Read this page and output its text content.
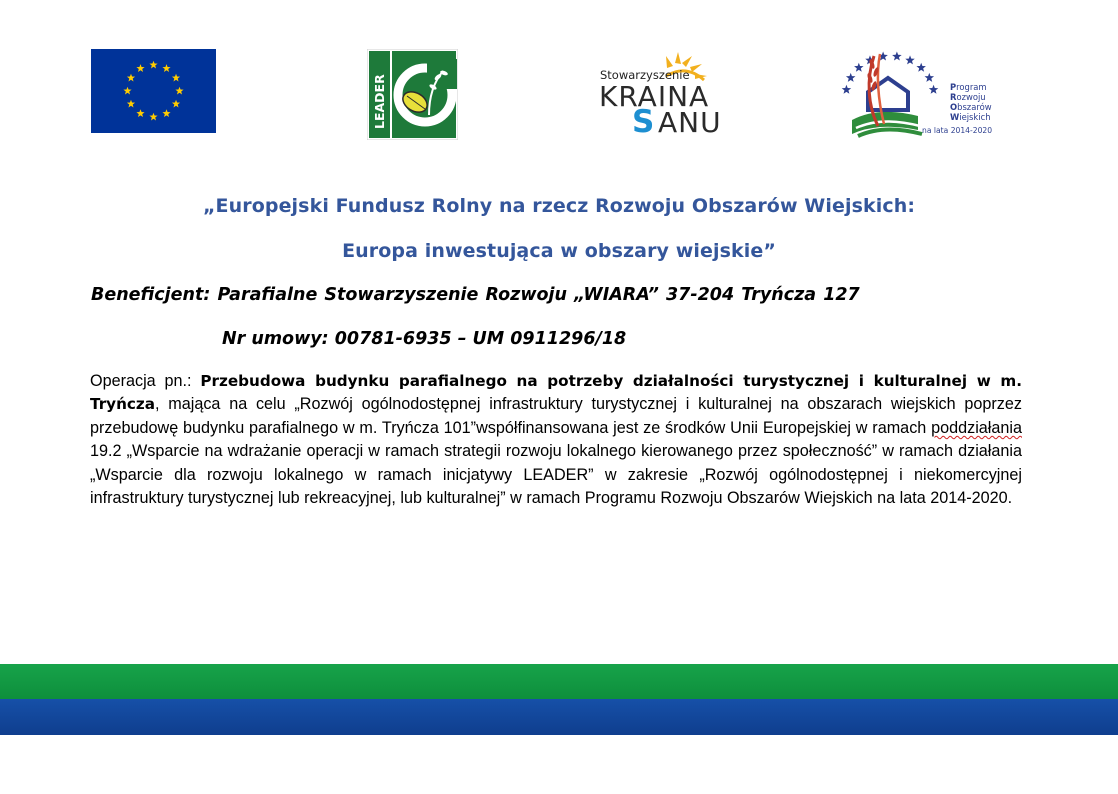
LEADER	Stowarzyszenie
KRAINA
S ANU
Program
Rozwoju
Obszarów
Wiejskich
na lata 2014-2020
„Europejski Fundusz Rolny na rzecz Rozwoju Obszarów Wiejskich:
Europa inwestująca w obszary wiejskie”
Beneficjent: Parafialne Stowarzyszenie Rozwoju „WIARA” 37-204 Tryńcza 127
Nr umowy: 00781-6935 – UM 0911296/18
Operacja pn.: Przebudowa budynku parafialnego na potrzeby działalności turystycznej i kulturalnej w m. Tryńcza, mająca na celu „Rozwój ogólnodostępnej infrastruktury turystycznej i kulturalnej na obszarach wiejskich poprzez przebudowę budynku parafialnego w m. Tryńcza 101”współfinansowana jest ze środków Unii Europejskiej w ramach poddziałania 19.2 „Wsparcie na wdrażanie operacji w ramach strategii rozwoju lokalnego kierowanego przez społeczność” w ramach działania „Wsparcie dla rozwoju lokalnego w ramach inicjatywy LEADER” w zakresie „Rozwój ogólnodostępnej i niekomercyjnej infrastruktury turystycznej lub rekreacyjnej, lub kulturalnej” w ramach Programu Rozwoju Obszarów Wiejskich na lata 2014-2020.
